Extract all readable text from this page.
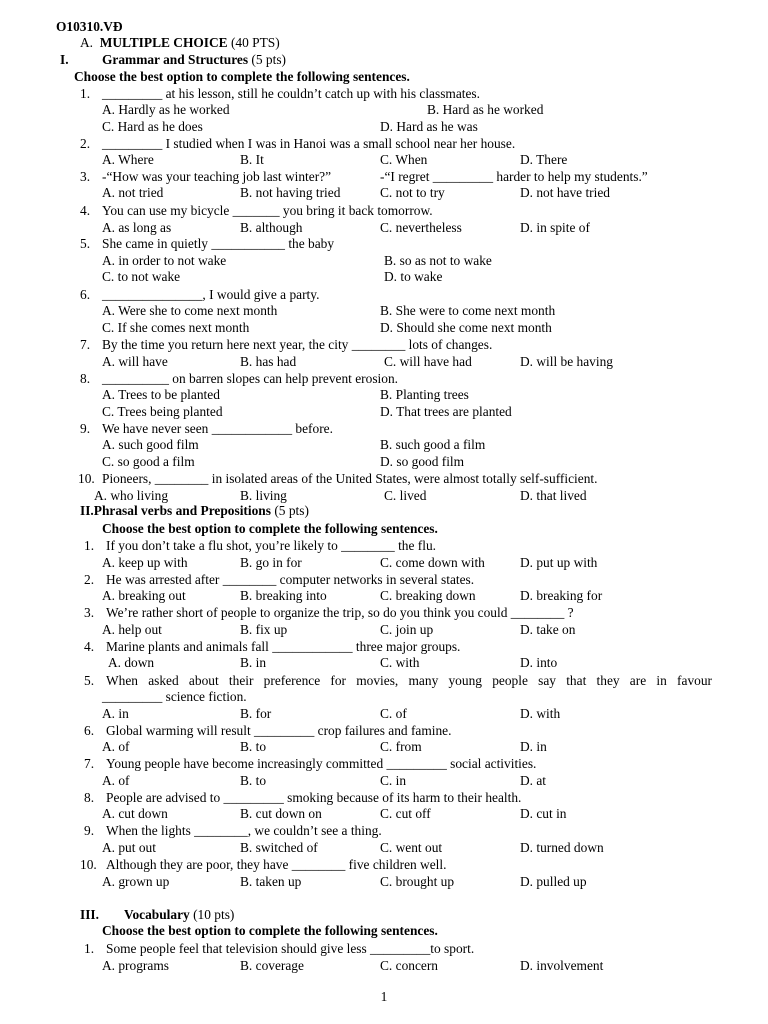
O10310.VĐ
A. MULTIPLE CHOICE (40 PTS)
I. Grammar and Structures (5 pts)
Choose the best option to complete the following sentences.
1. _________ at his lesson, still he couldn’t catch up with his classmates.
A. Hardly as he worked	B. Hard as he worked
C. Hard as he does	D. Hard as he was
2. _________ I studied when I was in Hanoi was a small school near her house.
A. Where	B. It	C. When	D. There
3. -“How was your teaching job last winter?”	-“I regret _________ harder to help my students.”
A. not tried	B. not having tried	C. not to try	D. not have tried
4. You can use my bicycle _______ you bring it back tomorrow.
A. as long as	B. although	C. nevertheless	D. in spite of
5. She came in quietly ___________ the baby
A. in order to not wake	B. so as not to wake
C. to not wake	D. to wake
6. _______________, I would give a party.
A. Were she to come next month	B. She were to come next month
C. If she comes next month	D. Should she come next month
7. By the time you return here next year, the city ________ lots of changes.
A. will have	B. has had	C. will have had	D. will be having
8. __________ on barren slopes can help prevent erosion.
A. Trees to be planted	B. Planting trees
C. Trees being planted	D. That trees are planted
9. We have never seen ____________ before.
A. such good film	B. such good a film
C. so good a film	D. so good film
10. Pioneers, ________ in isolated areas of the United States, were almost totally self-sufficient.
A. who living	B. living	C. lived	D. that lived
II.Phrasal verbs and Prepositions (5 pts)
Choose the best option to complete the following sentences.
1. If you don’t take a flu shot, you’re likely to ________ the flu.
A. keep up with	B. go in for	C. come down with	D. put up with
2. He was arrested after ________ computer networks in several states.
A. breaking out	B. breaking into	C. breaking down	D. breaking for
3. We’re rather short of people to organize the trip, so do you think you could ________ ?
A. help out	B. fix up	C. join up	D. take on
4. Marine plants and animals fall ____________ three major groups.
A. down	B. in	C. with	D. into
5. When asked about their preference for movies, many young people say that they are in favour
_________ science fiction.
A. in	B. for	C. of	D. with
6. Global warming will result _________ crop failures and famine.
A. of	B. to	C. from	D. in
7. Young people have become increasingly committed _________ social activities.
A. of	B. to	C. in	D. at
8. People are advised to _________ smoking because of its harm to their health.
A. cut down	B. cut down on	C. cut off	D. cut in
9. When the lights ________, we couldn’t see a thing.
A. put out	B. switched of	C. went out	D. turned down
10. Although they are poor, they have ________ five children well.
A. grown up	B. taken up	C. brought up	D. pulled up
III. Vocabulary (10 pts)
Choose the best option to complete the following sentences.
1. Some people feel that television should give less _________to sport.
A. programs	B. coverage	C. concern	D. involvement
1
